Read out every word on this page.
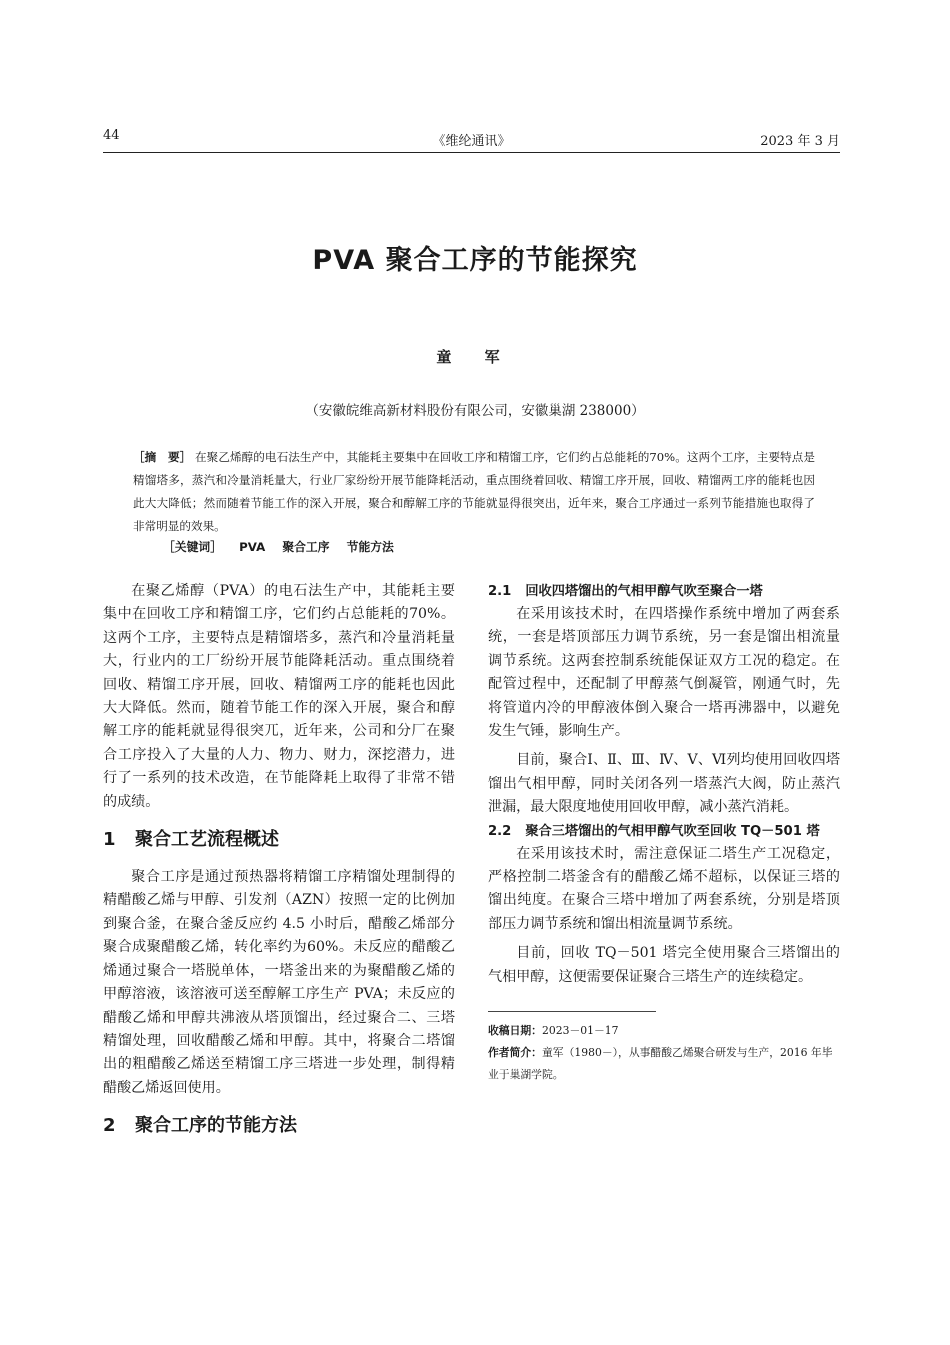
44	《维纶通讯》	2023 年 3 月
PVA 聚合工序的节能探究
童 军
（安徽皖维高新材料股份有限公司，安徽巢湖 238000）
［摘　要］ 在聚乙烯醇的电石法生产中，其能耗主要集中在回收工序和精馏工序，它们约占总能耗的70%。这两个工序，主要特点是精馏塔多，蒸汽和冷量消耗量大，行业厂家纷纷开展节能降耗活动，重点围绕着回收、精馏工序开展，回收、精馏两工序的能耗也因此大大降低；然而随着节能工作的深入开展，聚合和醇解工序的节能就显得很突出，近年来，聚合工序通过一系列节能措施也取得了非常明显的效果。
［关键词］ PVA 聚合工序 节能方法

在聚乙烯醇（PVA）的电石法生产中，其能耗主要集中在回收工序和精馏工序，它们约占总能耗的70%。这两个工序，主要特点是精馏塔多，蒸汽和冷量消耗量大，行业内的工厂纷纷开展节能降耗活动。重点围绕着回收、精馏工序开展，回收、精馏两工序的能耗也因此大大降低。然而，随着节能工作的深入开展，聚合和醇解工序的能耗就显得很突兀，近年来，公司和分厂在聚合工序投入了大量的人力、物力、财力，深挖潜力，进行了一系列的技术改造，在节能降耗上取得了非常不错的成绩。

1 聚合工艺流程概述

聚合工序是通过预热器将精馏工序精馏处理制得的精醋酸乙烯与甲醇、引发剂（AZN）按照一定的比例加到聚合釜，在聚合釜反应约 4.5 小时后，醋酸乙烯部分聚合成聚醋酸乙烯，转化率约为60%。未反应的醋酸乙烯通过聚合一塔脱单体，一塔釜出来的为聚醋酸乙烯的甲醇溶液，该溶液可送至醇解工序生产 PVA；未反应的醋酸乙烯和甲醇共沸液从塔顶馏出，经过聚合二、三塔精馏处理，回收醋酸乙烯和甲醇。其中，将聚合二塔馏出的粗醋酸乙烯送至精馏工序三塔进一步处理，制得精醋酸乙烯返回使用。

2 聚合工序的节能方法
2.1 回收四塔馏出的气相甲醇气吹至聚合一塔

在采用该技术时，在四塔操作系统中增加了两套系统，一套是塔顶部压力调节系统，另一套是馏出相流量调节系统。这两套控制系统能保证双方工况的稳定。在配管过程中，还配制了甲醇蒸气倒凝管，刚通气时，先将管道内冷的甲醇液体倒入聚合一塔再沸器中，以避免发生气锤，影响生产。

目前，聚合Ⅰ、Ⅱ、Ⅲ、Ⅳ、Ⅴ、Ⅵ列均使用回收四塔馏出气相甲醇，同时关闭各列一塔蒸汽大阀，防止蒸汽泄漏，最大限度地使用回收甲醇，减小蒸汽消耗。

2.2 聚合三塔馏出的气相甲醇气吹至回收 TQ－501 塔

在采用该技术时，需注意保证二塔生产工况稳定，严格控制二塔釜含有的醋酸乙烯不超标，以保证三塔的馏出纯度。在聚合三塔中增加了两套系统，分别是塔顶部压力调节系统和馏出相流量调节系统。

目前，回收 TQ－501 塔完全使用聚合三塔馏出的气相甲醇，这便需要保证聚合三塔生产的连续稳定。

收稿日期：2023－01－17
作者简介：童军（1980－），从事醋酸乙烯聚合研发与生产，2016 年毕业于巢湖学院。
